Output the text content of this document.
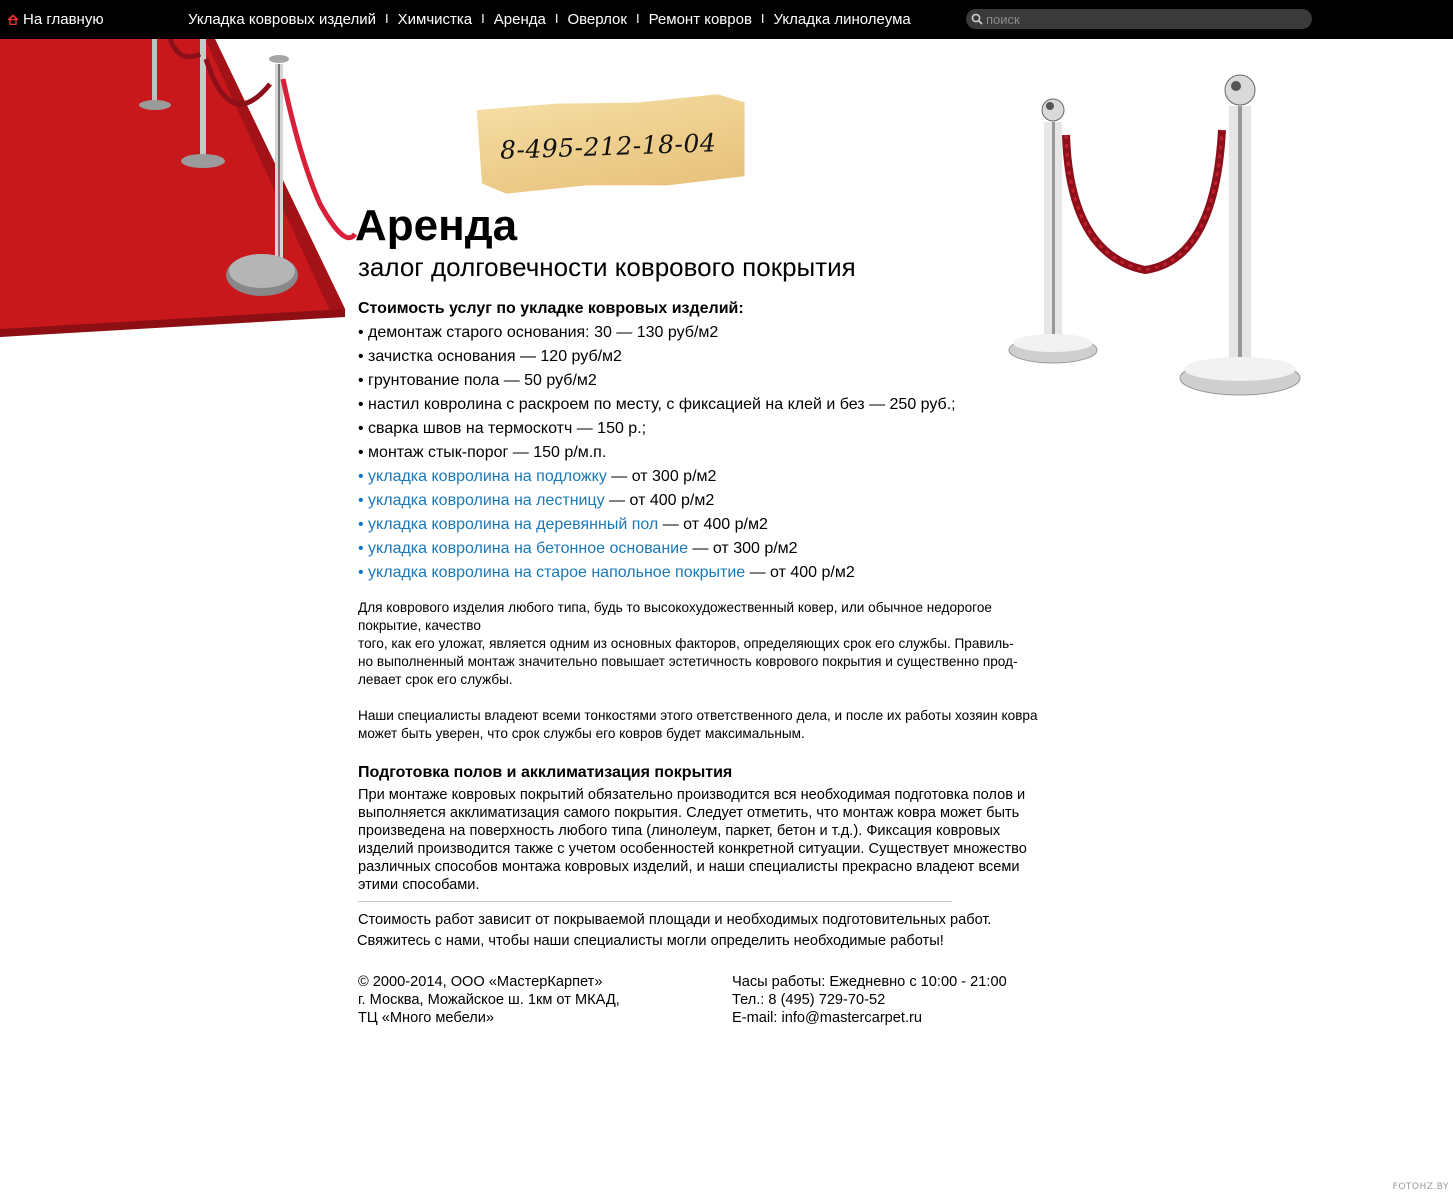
На главную	Укладка ковровых изделий I Химчистка I Аренда I Оверлок I Ремонт ковров I Укладка линолеума
поиск
8-495-212-18-04
Аренда
залог долговечности коврового покрытия
Стоимость услуг по укладке ковровых изделий:
• демонтаж старого основания: 30 — 130 руб/м2
• зачистка основания — 120 руб/м2
• грунтование пола — 50 руб/м2
• настил ковролина с раскроем по месту, с фиксацией на клей и без — 250 руб.;
• сварка швов на термоскотч — 150 р.;
• монтаж стык-порог — 150 р/м.п.
• укладка ковролина на подложку — от 300 р/м2
• укладка ковролина на лестницу — от 400 р/м2
• укладка ковролина на деревянный пол — от 400 р/м2
• укладка ковролина на бетонное основание — от 300 р/м2
• укладка ковролина на старое напольное покрытие — от 400 р/м2
Для коврового изделия любого типа, будь то высокохудожественный ковер, или обычное недорогое покрытие, качество
того, как его уложат, является одним из основных факторов, определяющих срок его службы. Правиль-
но выполненный монтаж значительно повышает эстетичность коврового покрытия и существенно прод-
левает срок его службы.

Наши специалисты владеют всеми тонкостями этого ответственного дела, и после их работы хозяин ковра может быть уверен, что срок службы его ковров будет максимальным.

Подготовка полов и акклиматизация покрытия

При монтаже ковровых покрытий обязательно производится вся необходимая подготовка полов и выполняется акклиматизация самого покрытия. Следует отметить, что монтаж ковра может быть произведена на поверхность любого типа (линолеум, паркет, бетон и т.д.). Фиксация ковровых изделий производится также с учетом особенностей конкретной ситуации. Существует множество различных способов монтажа ковровых изделий, и наши специалисты прекрасно владеют всеми этими способами.

Стоимость работ зависит от покрываемой площади и необходимых подготовительных работ.

Свяжитесь с нами, чтобы наши специалисты могли определить необходимые работы!

© 2000-2014, ООО «МастерКарпет»
г. Москва, Можайское ш. 1км от МКАД,
ТЦ «Много мебели»
Часы работы: Ежедневно с 10:00 - 21:00
Тел.: 8 (495) 729-70-52
E-mail: info@mastercarpet.ru
FOTOHZ.BY
